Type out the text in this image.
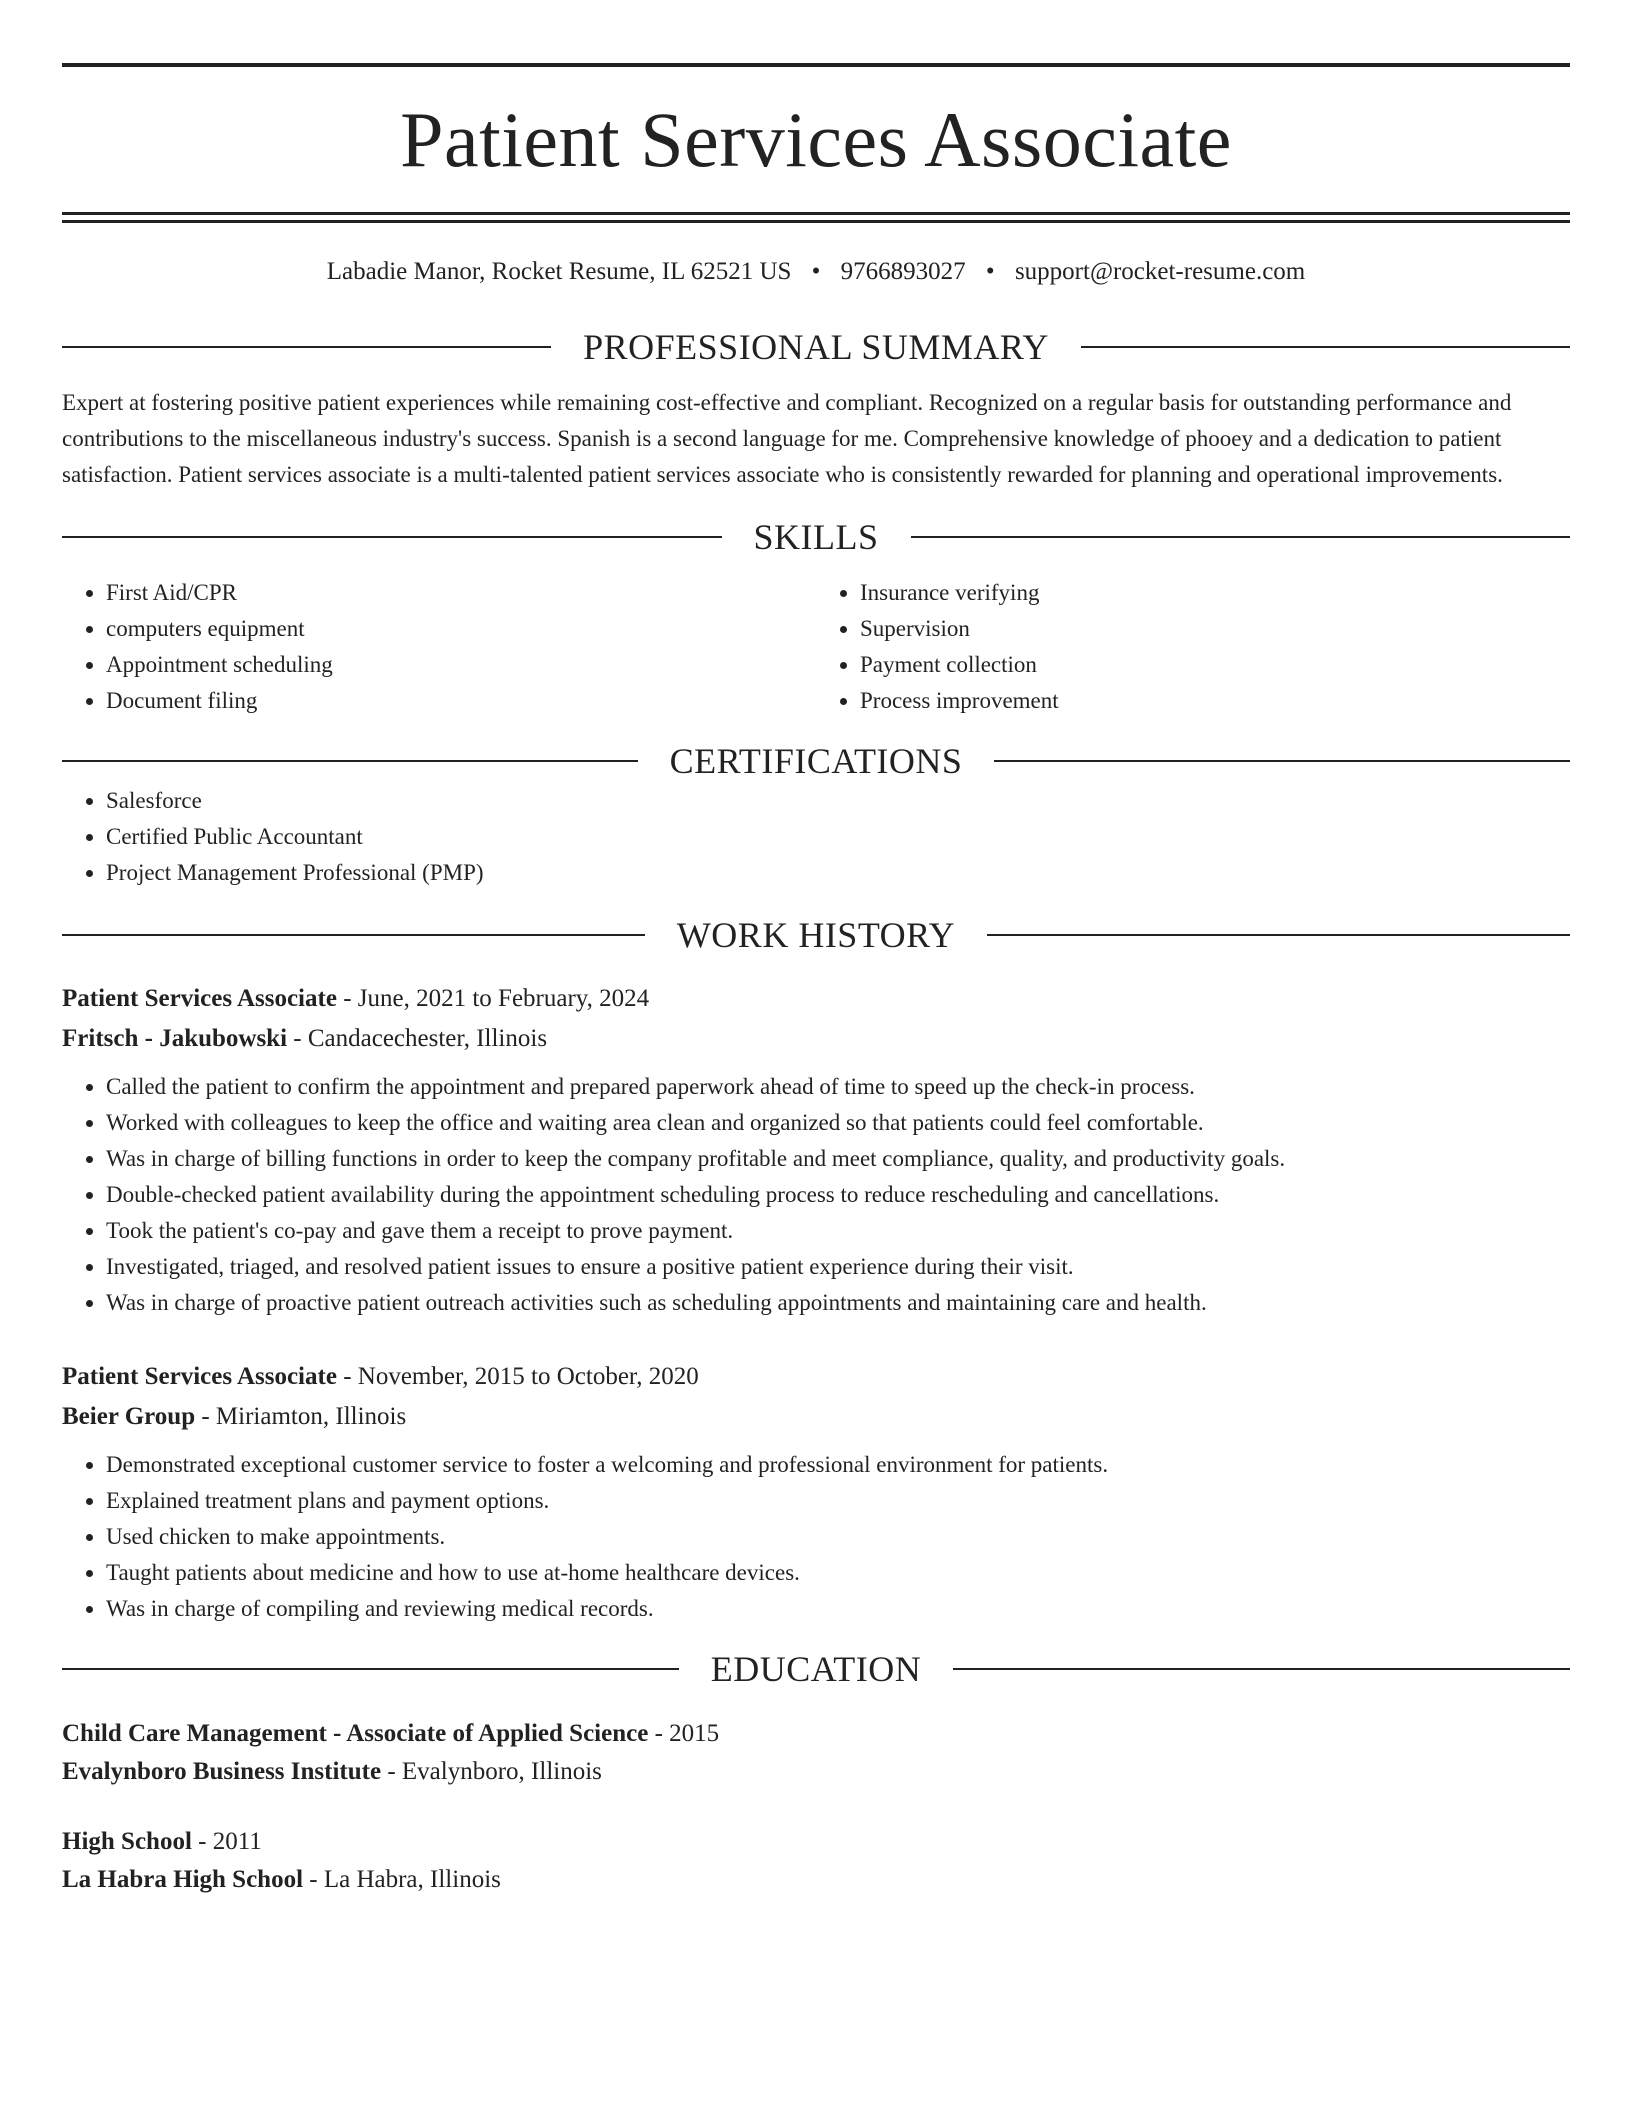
Patient Services Associate
Labadie Manor, Rocket Resume, IL 62521 US • 9766893027 • support@rocket-resume.com
PROFESSIONAL SUMMARY

Expert at fostering positive patient experiences while remaining cost-effective and compliant. Recognized on a regular basis for outstanding performance and contributions to the miscellaneous industry's success. Spanish is a second language for me. Comprehensive knowledge of phooey and a dedication to patient satisfaction. Patient services associate is a multi-talented patient services associate who is consistently rewarded for planning and operational improvements.

SKILLS
• First Aid/CPR
• computers equipment
• Appointment scheduling
• Document filing
• Insurance verifying
• Supervision
• Payment collection
• Process improvement
CERTIFICATIONS
• Salesforce
• Certified Public Accountant
• Project Management Professional (PMP)
WORK HISTORY
Patient Services Associate - June, 2021 to February, 2024
Fritsch - Jakubowski - Candacechester, Illinois
• Called the patient to confirm the appointment and prepared paperwork ahead of time to speed up the check-in process.
• Worked with colleagues to keep the office and waiting area clean and organized so that patients could feel comfortable.
• Was in charge of billing functions in order to keep the company profitable and meet compliance, quality, and productivity goals.
• Double-checked patient availability during the appointment scheduling process to reduce rescheduling and cancellations.
• Took the patient's co-pay and gave them a receipt to prove payment.
• Investigated, triaged, and resolved patient issues to ensure a positive patient experience during their visit.
• Was in charge of proactive patient outreach activities such as scheduling appointments and maintaining care and health.
Patient Services Associate - November, 2015 to October, 2020
Beier Group - Miriamton, Illinois
• Demonstrated exceptional customer service to foster a welcoming and professional environment for patients.
• Explained treatment plans and payment options.
• Used chicken to make appointments.
• Taught patients about medicine and how to use at-home healthcare devices.
• Was in charge of compiling and reviewing medical records.
EDUCATION
Child Care Management - Associate of Applied Science - 2015
Evalynboro Business Institute - Evalynboro, Illinois
High School - 2011
La Habra High School - La Habra, Illinois
